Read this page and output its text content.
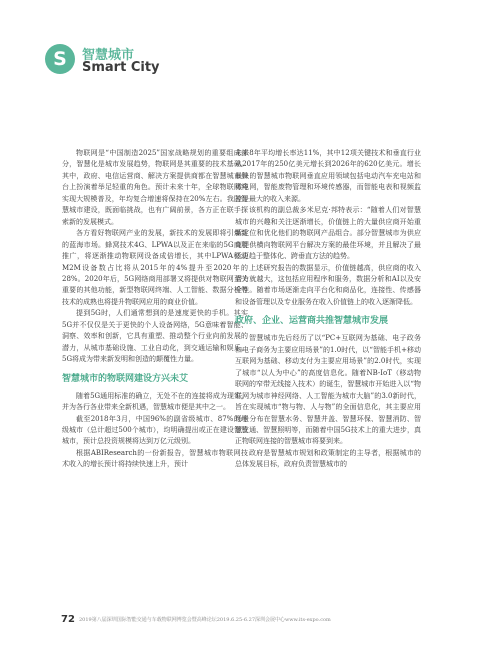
S	智慧城市
Smart City

物联网是“中国制造2025”国家战略规划的重要组成部分，智慧化是城市发展趋势，物联网是其重要的技术基础。其中，政府、电信运营商、解决方案提供商都在智慧城市舞台上扮演着举足轻重的角色。预计未来十年，全球物联网将实现大规模普及，年均复合增速将保持在20%左右。我国智慧城市建设，既面临挑战，也有广阔前景，各方正在联手探索新的发展模式。

各方看好物联网产业的发展，新技术的发展即将引爆新的蓝海市场。蜂窝技术4G、LPWA以及正在来临的5G商用推广，将逐渐推动物联网设备成倍增长，其中LPWA移动M2M设备数占比将从2015年的4%提升至2020年的28%。2020年后，5G网络商用部署又将提供对物联网至关重要的其他功能，新型物联网终端、人工智能、数据分析等技术的成熟也将提升物联网应用的商业价值。

提到5G时，人们通常想到的是速度更快的手机。其实5G并不仅仅是关于更快的个人设备网络，5G意味着智能、洞察、效率和创新，它具有重塑、推动整个行业向前发展的潜力，从城市基础设施、工业自动化，到交通运输和娱乐，5G将成为带来新发明和创造的颠覆性力量。

智慧城市的物联网建设方兴未艾

随着5G通用标准的确立，无处不在的连接将成为现实，并为各行各业带来全新机遇，智慧城市便是其中之一。

截至2018年3月，中国96%的副省级城市、87%的地级城市（总计超过500个城市），均明确提出或正在建设智慧城市，预计总投资规模将达到万亿元级别。

根据ABIResearch的一份新报告，智慧城市物联网技术收入的增长预计将持续快速上升，预计

未来8年平均增长率达11%，其中12项关键技术和垂直行业从2017年的250亿美元增长到2026年的620亿美元。增长最快的智慧城市物联网垂直应用领域包括电动汽车充电站和微电网，智能废物管理和环境传感器，而智能电表和视频监控是最大的收入来源。

该机构的副总裁多米尼克·邦特表示：“随着人们对智慧城市的兴趣和关注逐渐增长，价值链上的大量供应商开始重新定位和优化他们的物联网产品组合。部分智慧城市为供应商提供横向物联网平台解决方案的最佳环境，并且解决了最近更趋于整体化、跨垂直方法的趋势。

上述研究报告的数据显示，价值链越高，供应商的收入潜力就越大，这包括应用程序和服务，数据分析和AI以及安全性。随着市场逐渐走向平台化和商品化，连接性、传感器和设备管理以及专业服务在收入价值链上的收入逐渐降低。

政府、企业、运营商共推智慧城市发展

智慧城市先后经历了以“PC+互联网为基础、电子政务和电子商务为主要应用场景”的1.0时代，以“智能手机+移动互联网为基础、移动支付为主要应用场景”的2.0时代，实现了城市“以人为中心”的高度信息化。随着NB-IoT（移动物联网的窄带无线接入技术）的诞生，智慧城市开始进入以“物联网为城市神经网络、人工智能为城市大脑”的3.0新时代，旨在实现城市“物与物、人与物”的全面信息化，其主要应用场景分布在智慧水务、智慧井盖、智慧环保、智慧消防、智慧交通、智慧照明等，而随着中国5G技术上的重大进步，真正物联网连接的智慧城市将要到来。

政府是智慧城市规划和政策制定的主导者，根据城市的总体发展目标，政府负责智慧城市的

72 2019第八届深圳国际智能交通与车载物联网博览会暨高峰论坛2019.6.25-6.27深圳会展中心www.its-expo.com
